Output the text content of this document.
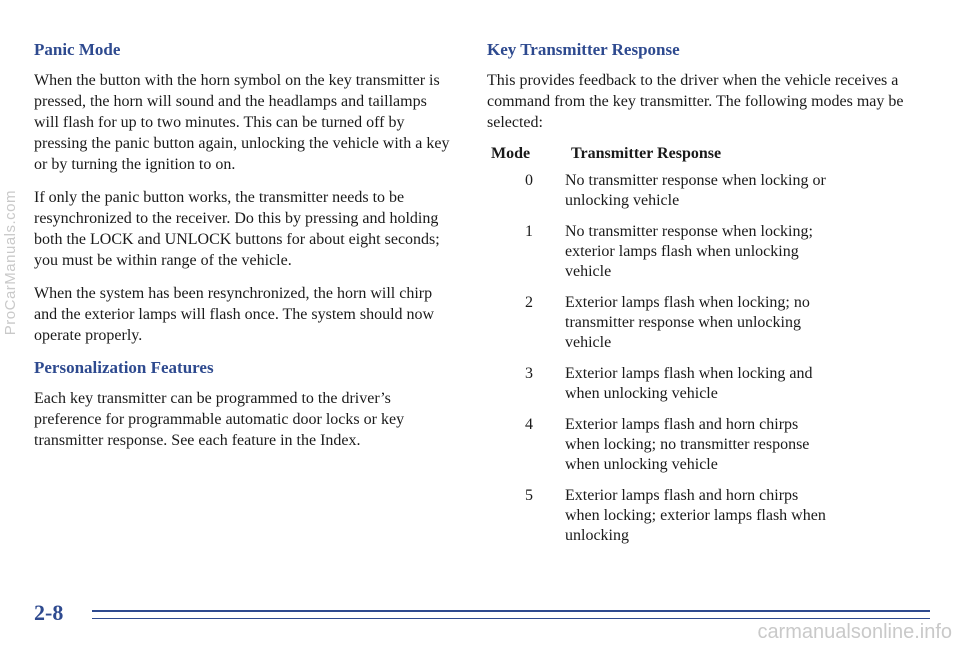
Panic Mode

When the button with the horn symbol on the key transmitter is pressed, the horn will sound and the headlamps and taillamps will flash for up to two minutes. This can be turned off by pressing the panic button again, unlocking the vehicle with a key or by turning the ignition to on.

If only the panic button works, the transmitter needs to be resynchronized to the receiver. Do this by pressing and holding both the LOCK and UNLOCK buttons for about eight seconds; you must be within range of the vehicle.

When the system has been resynchronized, the horn will chirp and the exterior lamps will flash once. The system should now operate properly.

Personalization Features

Each key transmitter can be programmed to the driver’s preference for programmable automatic door locks or key transmitter response. See each feature in the Index.

Key Transmitter Response

This provides feedback to the driver when the vehicle receives a command from the key transmitter. The following modes may be selected:

Mode	Transmitter Response
0	No transmitter response when locking or unlocking vehicle
1	No transmitter response when locking; exterior lamps flash when unlocking vehicle
2	Exterior lamps flash when locking; no transmitter response when unlocking vehicle
3	Exterior lamps flash when locking and when unlocking vehicle
4	Exterior lamps flash and horn chirps when locking; no transmitter response when unlocking vehicle
5	Exterior lamps flash and horn chirps when locking; exterior lamps flash when unlocking
2-8
ProCarManuals.com
carmanualsonline.info
